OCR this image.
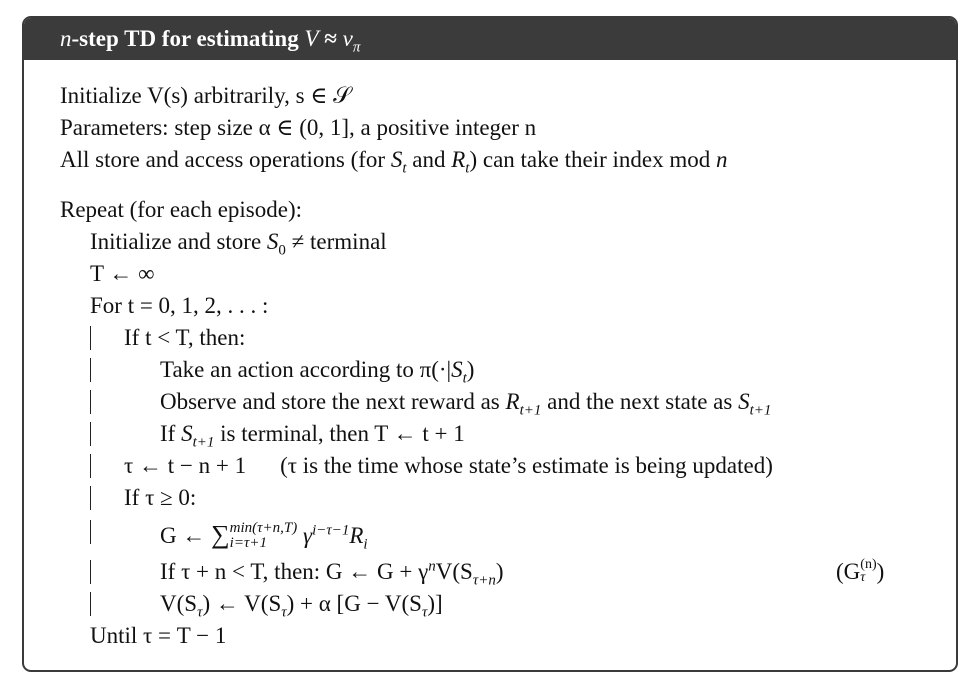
n-step TD for estimating $V \approx v_\pi$
Initialize V(s) arbitrarily, s ∈ 𝒮
Parameters: step size α ∈ (0, 1], a positive integer n
All store and access operations (for $S_t$ and $R_t$) can take their index mod n
Repeat (for each episode):
Initialize and store $S_0$ ≠ terminal
T ← ∞
For t = 0, 1, 2, . . . :
If t < T, then:
Take an action according to $\pi(\cdot|S_t)$
Observe and store the next reward as $R_{t+1}$ and the next state as $S_{t+1}$
If $S_{t+1}$ is terminal, then T ← t + 1
τ ← t − n + 1 (τ is the time whose state’s estimate is being updated)
If τ ≥ 0:
G ← ∑ min(τ+n,T)
i=τ+1	$\gamma^{i-\tau-1}R_i$
If τ + n < T, then: G ← $G + \gamma^nV(S_{\tau+n})$	(G (n)
τ )
$V(S_\tau)$ ← $V(S_\tau) + \alpha$ $[G - V(S_\tau)]$
Until τ = T − 1
